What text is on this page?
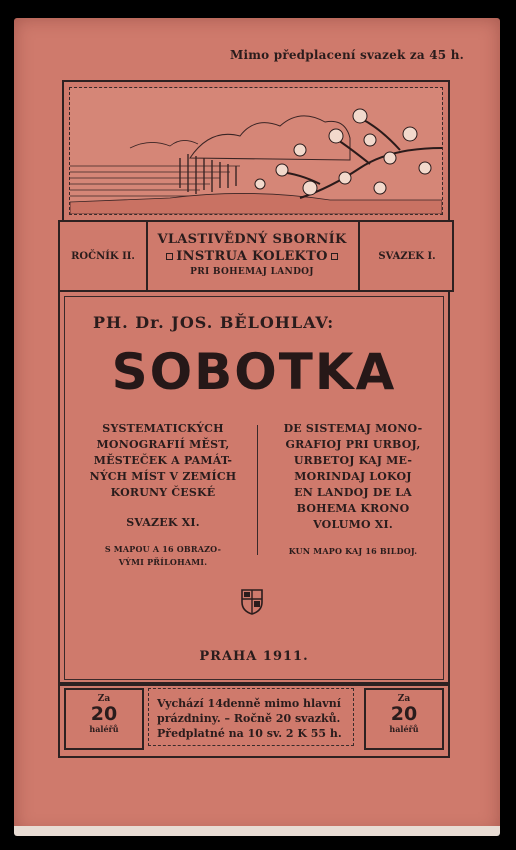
Mimo předplacení svazek za 45 h.
ROČNÍK II.
VLASTIVĚDNÝ SBORNÍK
INSTRUA KOLEKTO
PRI BOHEMAJ LANDOJ
SVAZEK I.
PH. Dr. JOS. BĚLOHLAV:
SOBOTKA
SYSTEMATICKÝCH
MONOGRAFIÍ MĚST,
MĚSTEČEK A PAMÁT-
NÝCH MÍST V ZEMÍCH
KORUNY ČESKÉ
SVAZEK XI.
S MAPOU A 16 OBRAZO-
VÝMI PŘÍLOHAMI.
DE SISTEMAJ MONO-
GRAFIOJ PRI URBOJ,
URBETOJ KAJ ME-
MORINDAJ LOKOJ
EN LANDOJ DE LA
BOHEMA KRONO
VOLUMO XI.
KUN MAPO KAJ 16 BILDOJ.
PRAHA 1911.
Za
20
haléřů
Vychází 14denně mimo hlavní
prázdniny. – Ročně 20 svazků.
Předplatné na 10 sv. 2 K 55 h.
Za
20
haléřů
